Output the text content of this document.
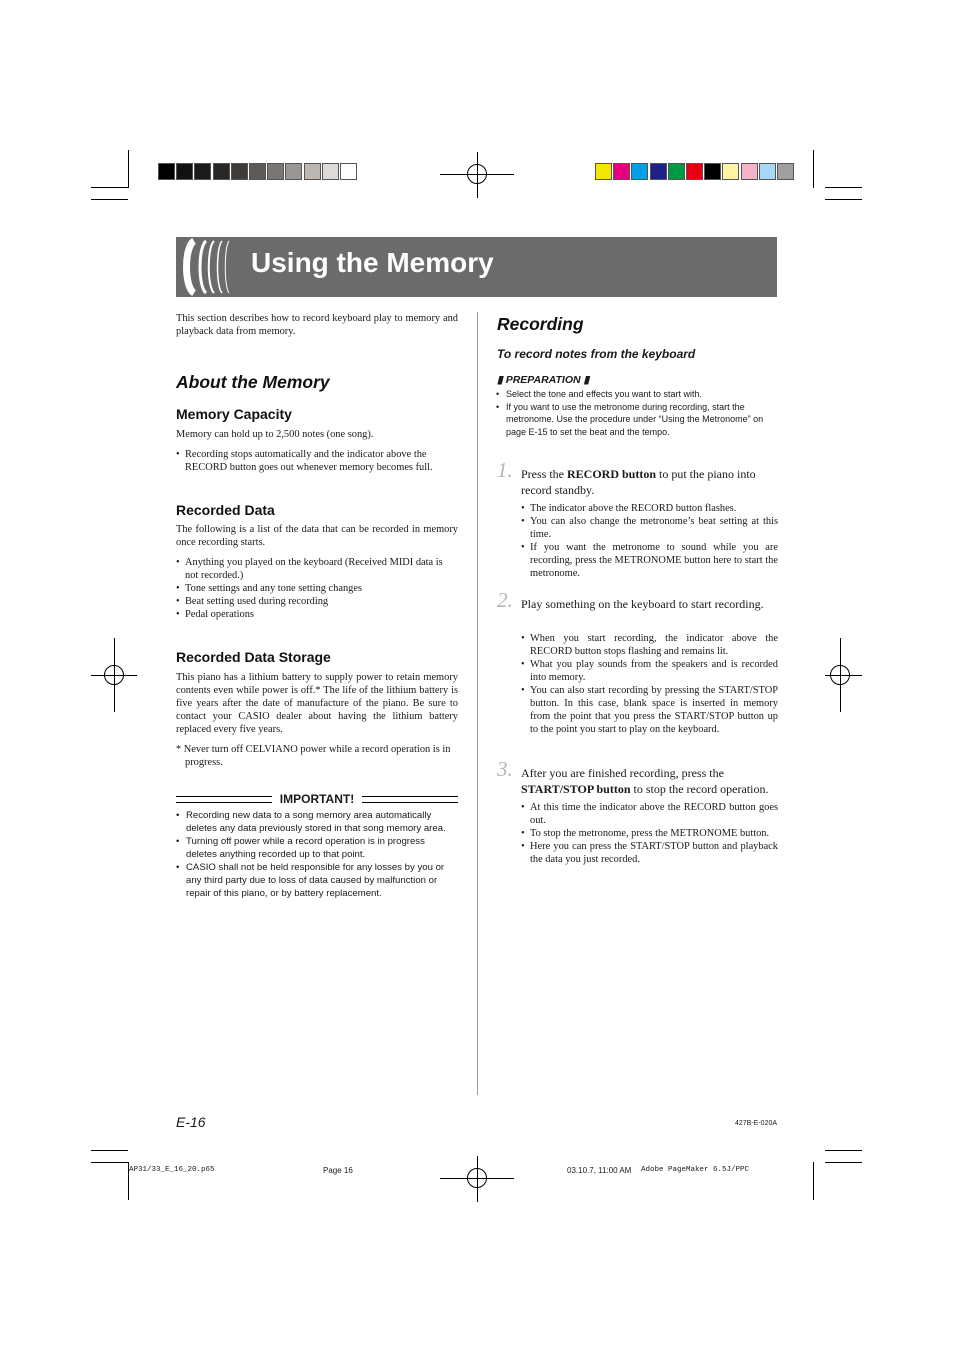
Using the Memory
This section describes how to record keyboard play to memory and playback data from memory.
About the Memory
Memory Capacity
Memory can hold up to 2,500 notes (one song).
• Recording stops automatically and the indicator above the RECORD button goes out whenever memory becomes full.
Recorded Data
The following is a list of the data that can be recorded in memory once recording starts.
• Anything you played on the keyboard (Received MIDI data is not recorded.)
• Tone settings and any tone setting changes
• Beat setting used during recording
• Pedal operations
Recorded Data Storage
This piano has a lithium battery to supply power to retain memory contents even while power is off.* The life of the lithium battery is five years after the date of manufacture of the piano. Be sure to contact your CASIO dealer about having the lithium battery replaced every five years.
* Never turn off CELVIANO power while a record operation is in progress.
IMPORTANT!
• Recording new data to a song memory area automatically deletes any data previously stored in that song memory area.
• Turning off power while a record operation is in progress deletes anything recorded up to that point.
• CASIO shall not be held responsible for any losses by you or any third party due to loss of data caused by malfunction or repair of this piano, or by battery replacement.
Recording
To record notes from the keyboard
▮ PREPARATION ▮
• Select the tone and effects you want to start with.
• If you want to use the metronome during recording, start the metronome. Use the procedure under “Using the Metronome” on page E-15 to set the beat and the tempo.
1. Press the RECORD button to put the piano into record standby.
• The indicator above the RECORD button flashes.
• You can also change the metronome’s beat setting at this time.
• If you want the metronome to sound while you are recording, press the METRONOME button here to start the metronome.
2. Play something on the keyboard to start recording.
• When you start recording, the indicator above the RECORD button stops flashing and remains lit.
• What you play sounds from the speakers and is recorded into memory.
• You can also start recording by pressing the START/STOP button. In this case, blank space is inserted in memory from the point that you press the START/STOP button up to the point you start to play on the keyboard.
3. After you are finished recording, press the START/STOP button to stop the record operation.
• At this time the indicator above the RECORD button goes out.
• To stop the metronome, press the METRONOME button.
• Here you can press the START/STOP button and playback the data you just recorded.
E-16	427B-E-020A
AP31/33_E_16_20.p65	Page 16	03.10.7, 11:00 AM Adobe PageMaker 6.5J/PPC
